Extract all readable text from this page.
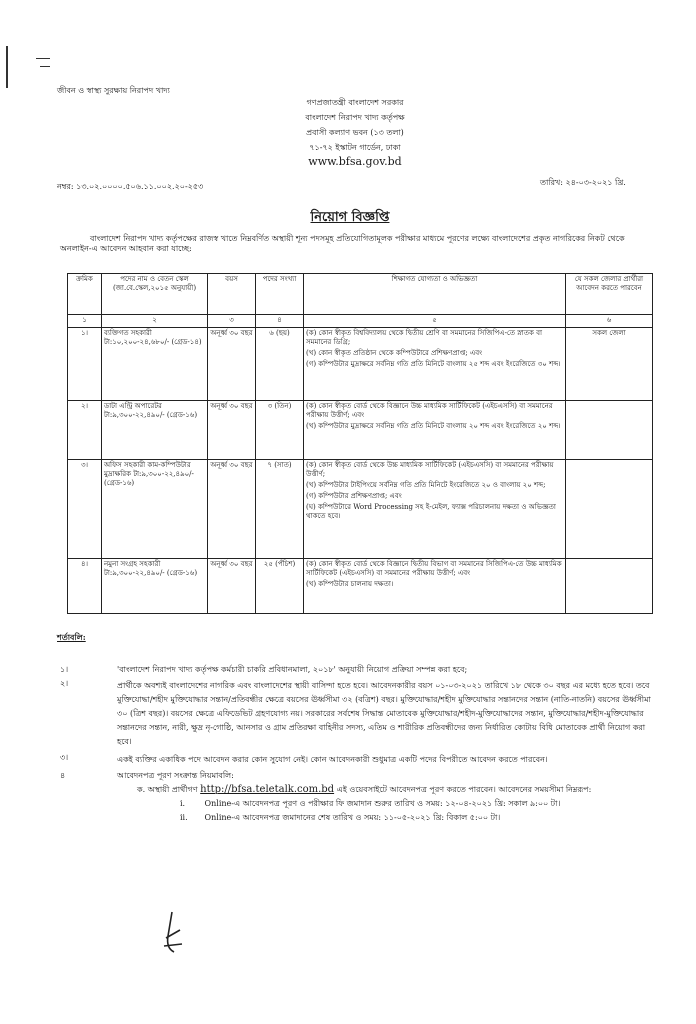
জীবন ও স্বাস্থ্য সুরক্ষায় নিরাপদ খাদ্য
গণপ্রজাতন্ত্রী বাংলাদেশ সরকার
বাংলাদেশ নিরাপদ খাদ্য কর্তৃপক্ষ
প্রবাসী কল্যাণ ভবন (১৩ তলা)
৭১-৭২ ইস্কাটন গার্ডেন, ঢাকা
www.bfsa.gov.bd
নম্বর: ১৩.০২.০০০০.৫০৬.১১.০০২.২০-২৫৩	তারিখ: ২৪-০৩-২০২১ খ্রি.
নিয়োগ বিজ্ঞপ্তি
বাংলাদেশ নিরাপদ খাদ্য কর্তৃপক্ষের রাজস্ব খাতে নিম্নবর্ণিত অস্থায়ী শূন্য পদসমূহ প্রতিযোগিতামূলক পরীক্ষার মাধ্যমে পূরণের লক্ষ্যে বাংলাদেশের প্রকৃত নাগরিকের নিকট থেকে অনলাইন-এ আবেদন আহবান করা যাচ্ছে:
ক্রমিক	পদের নাম ও বেতন স্কেল (জা.বে.স্কেল,২০১৫ অনুযায়ী)	বয়স	পদের সংখ্যা	শিক্ষাগত যোগ্যতা ও অভিজ্ঞতা	যে সকল জেলার প্রার্থীরা আবেদন করতে পারবেন
১	২	৩	৪	৫	৬
১।	ব্যক্তিগত সহকারী টা:১০,২০০-২৪,৬৮০/- (গ্রেড-১৪)	অনূর্ধ্ব ৩০ বছর	৬ (ছয়)	(ক) কোন স্বীকৃত বিশ্ববিদ্যালয় থেকে দ্বিতীয় শ্রেণি বা সমমানের সিজিপিএ-তে স্নাতক বা সমমানের ডিগ্রি;
(খ) কোন স্বীকৃত প্রতিষ্ঠান থেকে কম্পিউটারে প্রশিক্ষণপ্রাপ্ত; এবং
(গ) কম্পিউটার মুদ্রাক্ষরে সর্বনিম্ন গতি প্রতি মিনিটে বাংলায় ২৫ শব্দ এবং ইংরেজিতে ৩০ শব্দ।	সকল জেলা
২।	ডাটা এন্ট্রি অপারেটর টা:৯,৩০০-২২,৪৯০/- (গ্রেড-১৬)	অনূর্ধ্ব ৩০ বছর	৩ (তিন)	(ক) কোন স্বীকৃত বোর্ড থেকে বিজ্ঞানে উচ্চ মাধ্যমিক সার্টিফিকেট (এইচএসসি) বা সমমানের পরীক্ষায় উত্তীর্ণ; এবং
(খ) কম্পিউটার মুদ্রাক্ষরে সর্বনিম্ন গতি প্রতি মিনিটে বাংলায় ২০ শব্দ এবং ইংরেজিতে ২০ শব্দ।	

৩।	অফিস সহকারী কাম-কম্পিউটার মুদ্রাক্ষরিক টা:৯,৩০০-২২,৪৯০/- (গ্রেড-১৬)	অনূর্ধ্ব ৩০ বছর	৭ (সাত)	(ক) কোন স্বীকৃত বোর্ড থেকে উচ্চ মাধ্যমিক সার্টিফিকেট (এইচএসসি) বা সমমানের পরীক্ষায় উত্তীর্ণ;
(খ) কম্পিউটার টাইপিংয়ে সর্বনিম্ন গতি প্রতি মিনিটে ইংরেজিতে ২০ ও বাংলায় ২০ শব্দ;
(গ) কম্পিউটার প্রশিক্ষণপ্রাপ্ত; এবং
(ঘ) কম্পিউটারে Word Processing সহ ই-মেইল, ফ্যাক্স পরিচালনায় দক্ষতা ও অভিজ্ঞতা থাকতে হবে।	

৪।	নমুনা সংগ্রহ সহকারী টা:৯,৩০০-২২,৪৯০/- (গ্রেড-১৬)	অনূর্ধ্ব ৩০ বছর	২৫ (পঁচিশ)	(ক) কোন স্বীকৃত বোর্ড থেকে বিজ্ঞানে দ্বিতীয় বিভাগ বা সমমানের সিজিপিএ-তে উচ্চ মাধ্যমিক সার্টিফিকেট (এইচএসসি) বা সমমানের পরীক্ষায় উত্তীর্ণ; এবং
(খ) কম্পিউটার চালনায় দক্ষতা।	

শর্তাবলি:
১।	'বাংলাদেশ নিরাপদ খাদ্য কর্তৃপক্ষ কর্মচারী চাকরি প্রবিধানমালা, ২০১৮' অনুযায়ী নিয়োগ প্রক্রিয়া সম্পন্ন করা হবে;
২।	প্রার্থীকে অবশ্যই বাংলাদেশের নাগরিক এবং বাংলাদেশের স্থায়ী বাসিন্দা হতে হবে। আবেদনকারীর বয়স ০১-০৩-২০২১ তারিখে ১৮ থেকে ৩০ বছর এর মধ্যে হতে হবে। তবে মুক্তিযোদ্ধা/শহীদ মুক্তিযোদ্ধার সন্তান/প্রতিবন্ধীর ক্ষেত্রে বয়সের ঊর্ধ্বসীমা ৩২ (বত্রিশ) বছর। মুক্তিযোদ্ধার/শহীদ মুক্তিযোদ্ধার সন্তানদের সন্তান (নাতি-নাতনি) বয়সের ঊর্ধ্বসীমা ৩০ (ত্রিশ বছর)। বয়সের ক্ষেত্রে এফিডেভিট গ্রহণযোগ্য নয়। সরকারের সর্বশেষ সিদ্ধান্ত মোতাবেক মুক্তিযোদ্ধার/শহীদ-মুক্তিযোদ্ধাদের সন্তান, মুক্তিযোদ্ধার/শহীদ-মুক্তিযোদ্ধার সন্তানদের সন্তান, নারী, ক্ষুদ্র নৃ-গোষ্ঠি, আনসার ও গ্রাম প্রতিরক্ষা বাহিনীর সদস্য, এতিম ও শারীরিক প্রতিবন্ধীদের জন্য নির্ধারিত কোটায় বিধি মোতাবেক প্রার্থী নিয়োগ করা হবে।
৩।	একই ব্যক্তির একাধিক পদে আবেদন করার কোন সুযোগ নেই। কোন আবেদনকারী শুধুমাত্র একটি পদের বিপরীতে আবেদন করতে পারবেন।
৪	আবেদনপত্র পূরণ সংক্রান্ত নিয়মাবলি:
ক. অস্থায়ী প্রার্থীগণ http://bfsa.teletalk.com.bd এই ওয়েবসাইটে আবেদনপত্র পূরণ করতে পারবেন। আবেদনের সময়সীমা নিম্নরূপ:
i. Online-এ আবেদনপত্র পূরণ ও পরীক্ষার ফি জমাদান শুরুর তারিখ ও সময়: ১২-০৪-২০২১ খ্রি: সকাল ৯:০০ টা।
ii. Online-এ আবেদনপত্র জমাদানের শেষ তারিখ ও সময়: ১১-০৫-২০২১ খ্রি: বিকাল ৫:০০ টা।
